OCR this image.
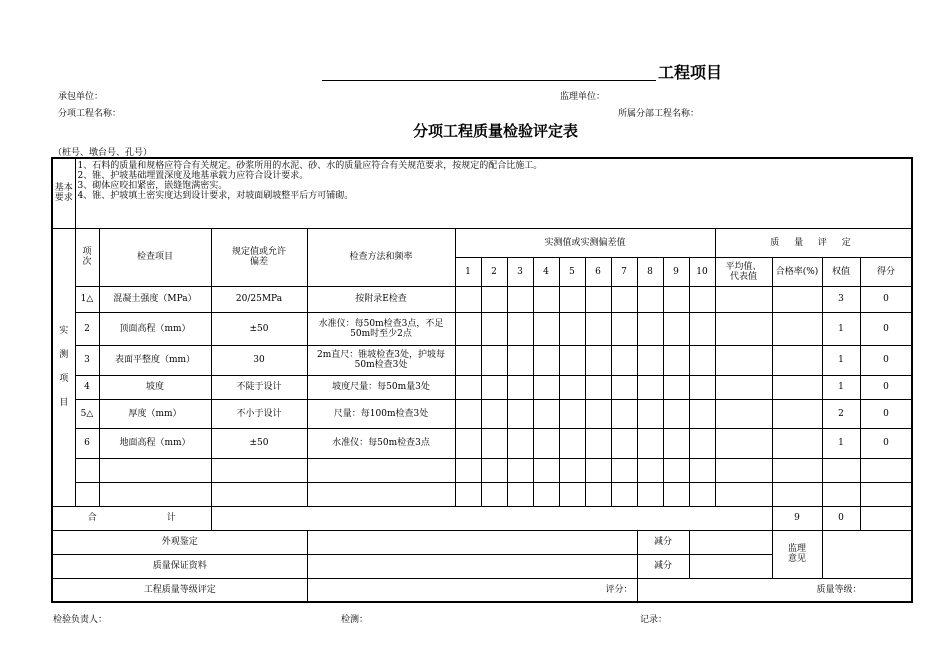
工程项目
承包单位：	监理单位：
分项工程名称：	所属分部工程名称：
分项工程质量检验评定表
（桩号、墩台号、孔号）
基本要求	1、石料的质量和规格应符合有关规定。砂浆所用的水泥、砂、水的质量应符合有关规范要求，按规定的配合比施工。
2、锥、护坡基础埋置深度及地基承载力应符合设计要求。
3、砌体应咬扣紧密，嵌缝饱满密实。
4、锥、护坡填土密实度达到设计要求，对坡面刷坡整平后方可铺砌。																	

实测项目	项次	检查项目	规定值或允许偏差	检查方法和频率	实测值或实测偏差值										质 量 评 定			
					1	2	3	4	5	6	7	8	9	10	平均值、代表值	合格率(%)	权值	得分
	1△	混凝土强度（MPa）	20/25MPa	按附录E检查													3	0
	2	顶面高程（mm）	±50	水准仪：每50m检查3点，不足50m时至少2点													1	0
	3	表面平整度（mm）	30	2m直尺：锥坡检查3处，护坡每50m检查3处													1	0
	4	坡度	不陡于设计	坡度尺量：每50m量3处													1	0
	5△	厚度（mm）	不小于设计	尺量：每100m检查3处													2	0
	6	地面高程（mm）	±50	水准仪：每50m检查3点													1	0

合 计																9	0	
外观鉴定												减分				监理意见		
质量保证资料												减分						
工程质量等级评定				评分：								质量等级：						
检验负责人：	检测：	记录：
